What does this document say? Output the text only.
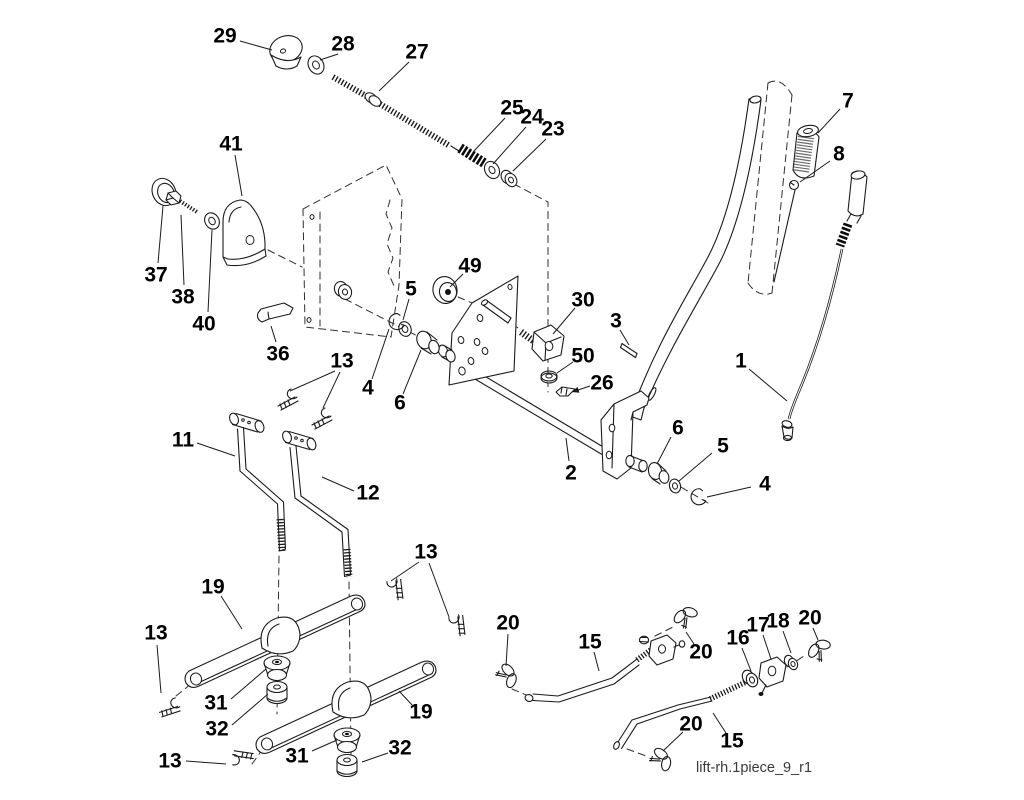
29	28 27
25
24
23
7
8
41
37
38
40
36
49
5	30
3
50
26
4
6
13
11
12
2
6
5
4
1
13
19
13
31
32
13	31	32
19
20
15	20
16
17
18 20
20
15
lift-rh.1piece_9_r1
